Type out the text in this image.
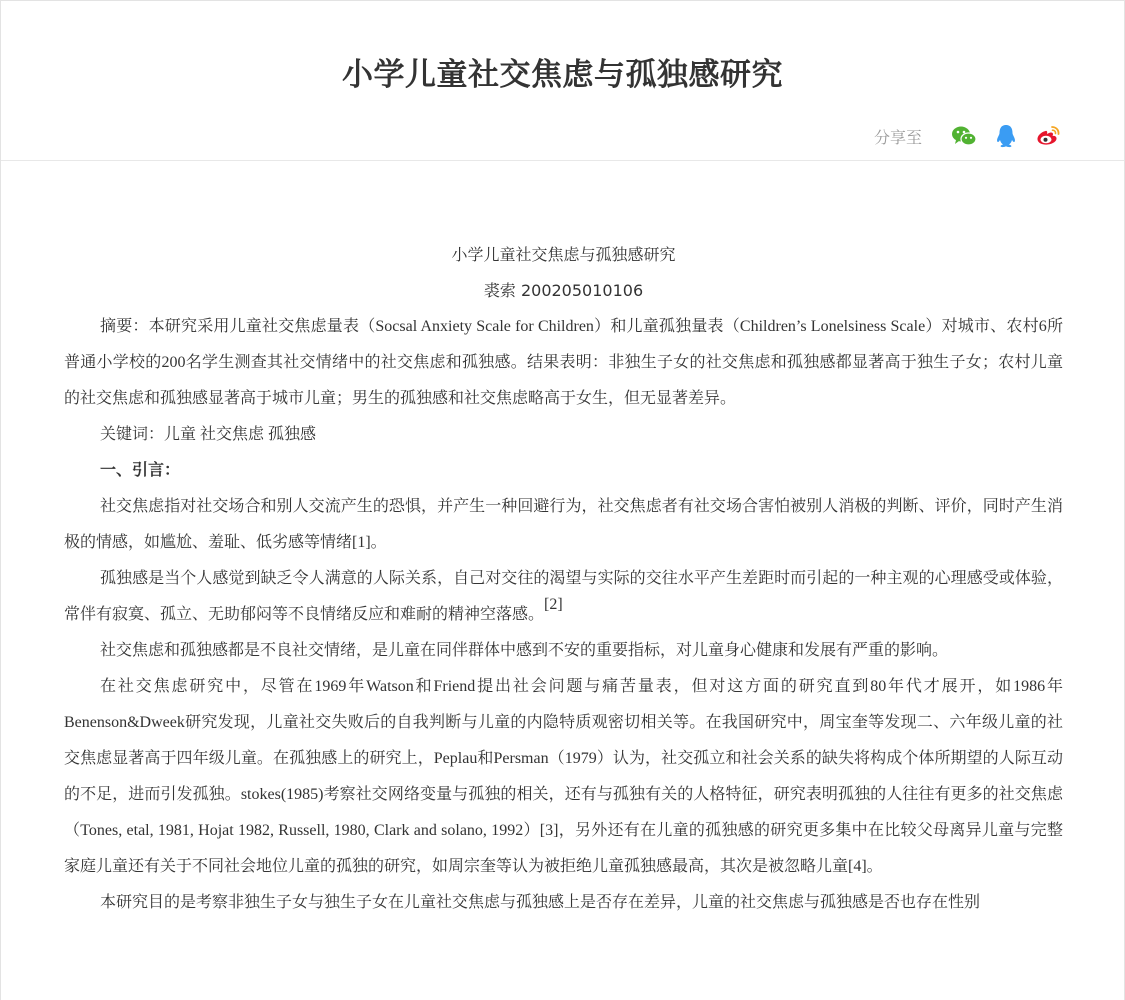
小学儿童社交焦虑与孤独感研究
分享至

小学儿童社交焦虑与孤独感研究

裘索 200205010106

摘要：本研究采用儿童社交焦虑量表（Socsal Anxiety Scale for Children）和儿童孤独量表（Children’s Lonelsiness Scale）对城市、农村6所普通小学校的200名学生测查其社交情绪中的社交焦虑和孤独感。结果表明：非独生子女的社交焦虑和孤独感都显著高于独生子女；农村儿童的社交焦虑和孤独感显著高于城市儿童；男生的孤独感和社交焦虑略高于女生，但无显著差异。

关键词：儿童 社交焦虑 孤独感

一、引言：

社交焦虑指对社交场合和别人交流产生的恐惧，并产生一种回避行为，社交焦虑者有社交场合害怕被别人消极的判断、评价，同时产生消极的情感，如尴尬、羞耻、低劣感等情绪[1]。

孤独感是当个人感觉到缺乏令人满意的人际关系，自己对交往的渴望与实际的交往水平产生差距时而引起的一种主观的心理感受或体验，常伴有寂寞、孤立、无助郁闷等不良情绪反应和难耐的精神空落感。[2]

社交焦虑和孤独感都是不良社交情绪，是儿童在同伴群体中感到不安的重要指标，对儿童身心健康和发展有严重的影响。

在社交焦虑研究中，尽管在1969年Watson和Friend提出社会问题与痛苦量表，但对这方面的研究直到80年代才展开，如1986年Benenson&Dweek研究发现，儿童社交失败后的自我判断与儿童的内隐特质观密切相关等。在我国研究中，周宝奎等发现二、六年级儿童的社交焦虑显著高于四年级儿童。在孤独感上的研究上，Peplau和Persman（1979）认为，社交孤立和社会关系的缺失将构成个体所期望的人际互动的不足，进而引发孤独。stokes(1985)考察社交网络变量与孤独的相关，还有与孤独有关的人格特征，研究表明孤独的人往往有更多的社交焦虑（Tones, etal, 1981, Hojat 1982, Russell, 1980, Clark and solano, 1992）[3]，另外还有在儿童的孤独感的研究更多集中在比较父母离异儿童与完整家庭儿童还有关于不同社会地位儿童的孤独的研究，如周宗奎等认为被拒绝儿童孤独感最高，其次是被忽略儿童[4]。

本研究目的是考察非独生子女与独生子女在儿童社交焦虑与孤独感上是否存在差异，儿童的社交焦虑与孤独感是否也存在性别
